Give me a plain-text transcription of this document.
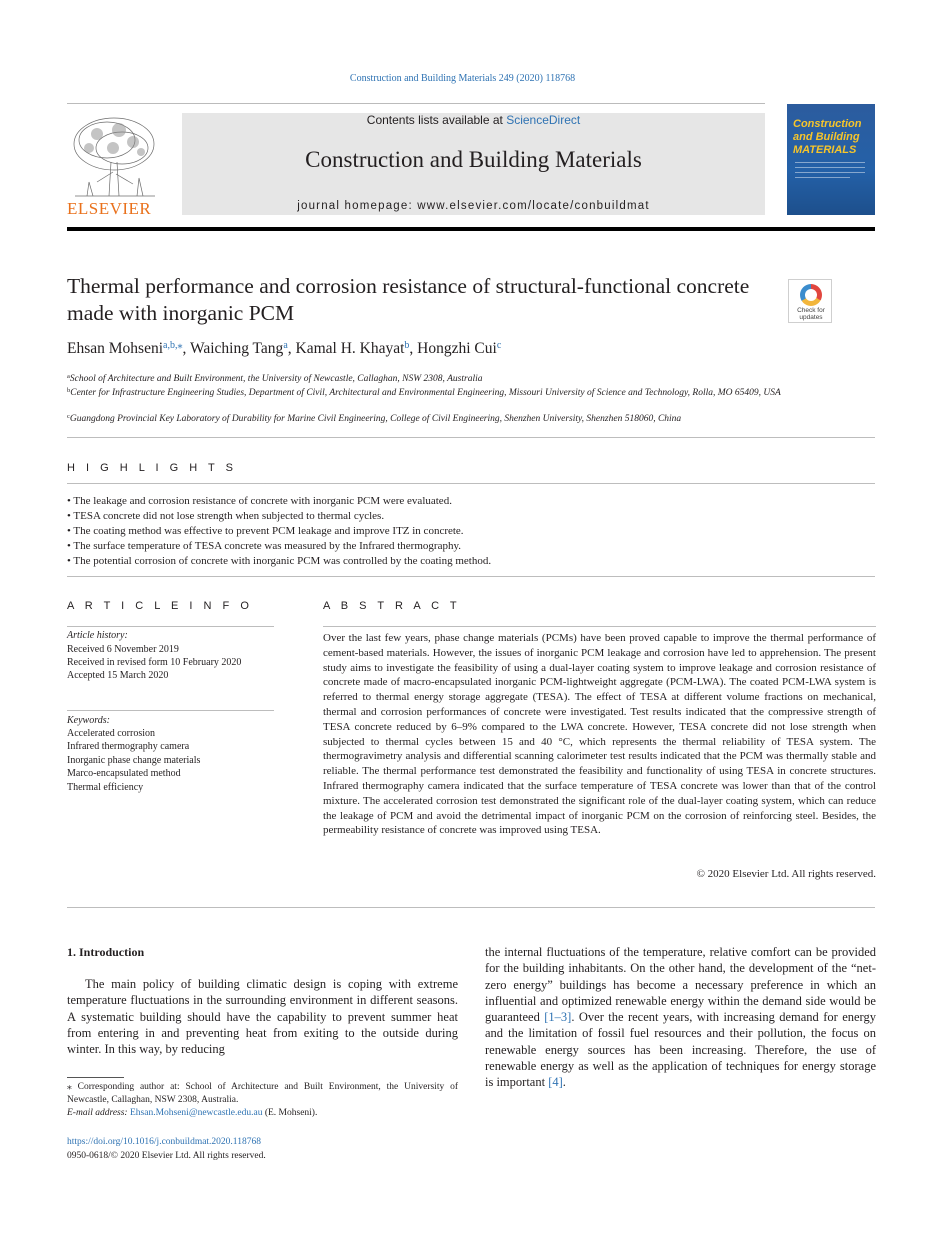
Construction and Building Materials 249 (2020) 118768
ELSEVIER
Contents lists available at ScienceDirect
Construction and Building Materials
journal homepage: www.elsevier.com/locate/conbuildmat
Construction and Building MATERIALS
Thermal performance and corrosion resistance of structural-functional concrete made with inorganic PCM	Check for updates
Ehsan Mohseni$^{a,b,⁎}$, Waiching Tang$^a$, Kamal H. Khayat$^b$, Hongzhi Cui$^c$
$^a$School of Architecture and Built Environment, the University of Newcastle, Callaghan, NSW 2308, Australia
$^b$Center for Infrastructure Engineering Studies, Department of Civil, Architectural and Environmental Engineering, Missouri University of Science and Technology, Rolla, MO 65409, USA
$^c$Guangdong Provincial Key Laboratory of Durability for Marine Civil Engineering, College of Civil Engineering, Shenzhen University, Shenzhen 518060, China
H I G H L I G H T S
• The leakage and corrosion resistance of concrete with inorganic PCM were evaluated.
• TESA concrete did not lose strength when subjected to thermal cycles.
• The coating method was effective to prevent PCM leakage and improve ITZ in concrete.
• The surface temperature of TESA concrete was measured by the Infrared thermography.
• The potential corrosion of concrete with inorganic PCM was controlled by the coating method.
A R T I C L E I N F O
Article history:
Received 6 November 2019
Received in revised form 10 February 2020
Accepted 15 March 2020
Keywords:
Accelerated corrosion
Infrared thermography camera
Inorganic phase change materials
Marco-encapsulated method
Thermal efficiency
A B S T R A C T
Over the last few years, phase change materials (PCMs) have been proved capable to improve the thermal performance of cement-based materials. However, the issues of inorganic PCM leakage and corrosion have led to apprehension. The present study aims to investigate the feasibility of using a dual-layer coating system to improve leakage and corrosion resistance of concrete made of macro-encapsulated inorganic PCM-lightweight aggregate (PCM-LWA). The coated PCM-LWA system is referred to thermal energy storage aggregate (TESA). The effect of TESA at different volume fractions on mechanical, thermal and corrosion performances of concrete were investigated. Test results indicated that the compressive strength of TESA concrete reduced by 6–9% compared to the LWA concrete. However, TESA concrete did not lose strength when subjected to thermal cycles between 15 and 40 °C, which represents the thermal reliability of TESA system. The thermogravimetry analysis and differential scanning calorimeter test results indicated that the PCM was thermally stable and reliable. The thermal performance test demonstrated the feasibility and functionality of using TESA in concrete structures. Infrared thermography camera indicated that the surface temperature of TESA concrete was lower than that of the control mixture. The accelerated corrosion test demonstrated the significant role of the dual-layer coating system, which can reduce the leakage of PCM and avoid the detrimental impact of inorganic PCM on the corrosion of reinforcing steel. Besides, the permeability resistance of concrete was improved using TESA.
© 2020 Elsevier Ltd. All rights reserved.
1. Introduction
The main policy of building climatic design is coping with extreme temperature fluctuations in the surrounding environment in different seasons. A systematic building should have the capability to prevent summer heat from entering in and preventing heat from exiting to the outside during winter. In this way, by reducing
the internal fluctuations of the temperature, relative comfort can be provided for the building inhabitants. On the other hand, the development of the “net-zero energy” buildings has become a necessary preference in which an influential and optimized renewable energy within the demand side would be guaranteed [1–3]. Over the recent years, with increasing demand for energy and the limitation of fossil fuel resources and their pollution, the focus on renewable energy sources has been increasing. Therefore, the use of renewable energy as well as the application of techniques for energy storage is important [4].
⁎ Corresponding author at: School of Architecture and Built Environment, the University of Newcastle, Callaghan, NSW 2308, Australia.
E-mail address: Ehsan.Mohseni@newcastle.edu.au (E. Mohseni).
https://doi.org/10.1016/j.conbuildmat.2020.118768
0950-0618/© 2020 Elsevier Ltd. All rights reserved.
